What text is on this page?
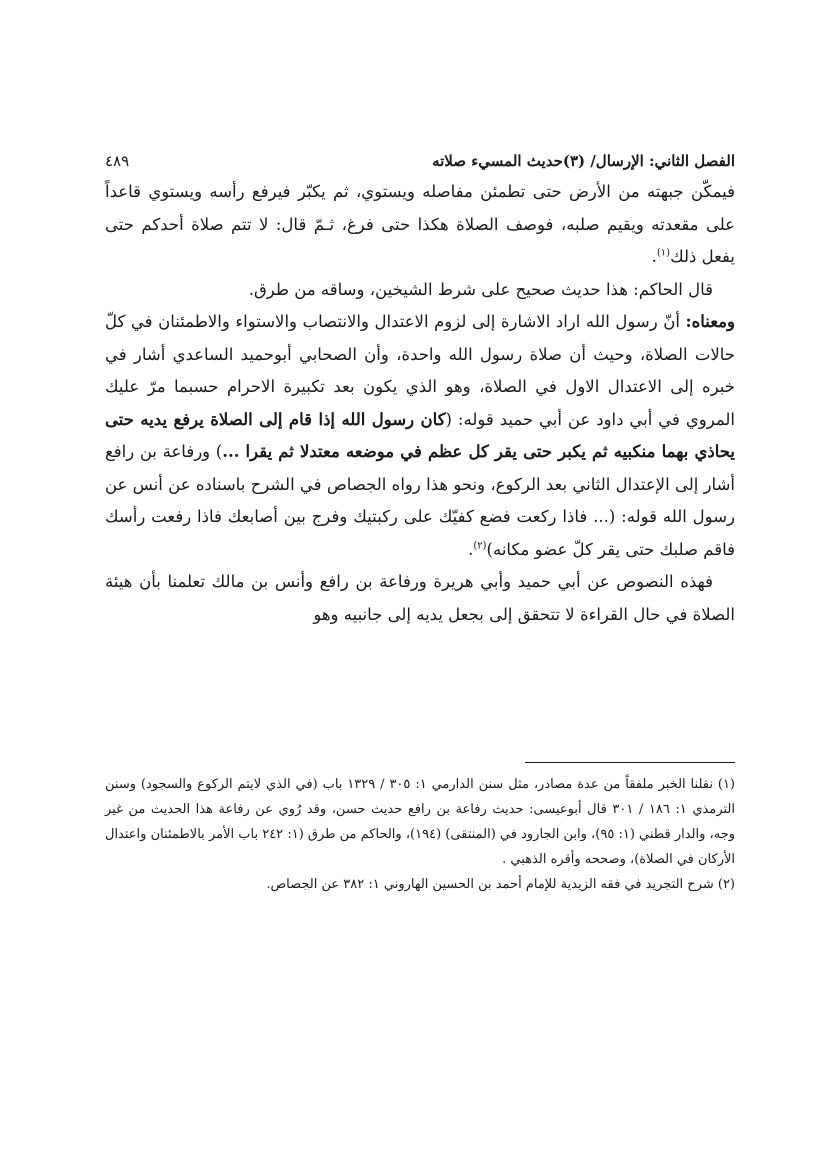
الفصل الثاني: الإرسال/ (٣)حديث المسيء صلاته
٤٨٩

فيمكّن جبهته من الأرض حتى تطمئن مفاصله ويستوي، ثم يكبّر فيرفع رأسه ويستوي قاعداً على مقعدته ويقيم صلبه، فوصف الصلاة هكذا حتى فرغ، ثـمّ قال: لا تتم صلاة أحدكم حتى يفعل ذلك$^{(١)}$.

قال الحاكم: هذا حديث صحيح على شرط الشيخين، وساقه من طرق.

ومعناه: أنّ رسول الله اراد الاشارة إلى لزوم الاعتدال والانتصاب والاستواء والاطمئنان في كلّ حالات الصلاة، وحيث أن صلاة رسول الله واحدة، وأن الصحابي أبوحميد الساعدي أشار في خبره إلى الاعتدال الاول في الصلاة، وهو الذي يكون بعد تكبيرة الاحرام حسبما مرّ عليك المروي في أبي داود عن أبي حميد قوله: (كان رسول الله إذا قام إلى الصلاة يرفع يديه حتى يحاذي بهما منكبيه ثم يكبر حتى يقر كل عظم في موضعه معتدلا ثم يقرا ...) ورفاعة بن رافع أشار إلى الإعتدال الثاني بعد الركوع، ونحو هذا رواه الجصاص في الشرح باسناده عن أنس عن رسول الله قوله: (... فاذا ركعت فضع كفيّك على ركبتيك وفرج بين أصابعك فاذا رفعت رأسك فاقم صلبك حتى يقر كلّ عضو مكانه)$^{(٢)}$.

فهذه النصوص عن أبي حميد وأبي هريرة ورفاعة بن رافع وأنس بن مالك تعلمنا بأن هيئة الصلاة في حال القراءة لا تتحقق إلى بجعل يديه إلى جانبيه وهو

(١) نقلنا الخبر ملفقاً من عدة مصادر، مثل سنن الدارمي ١: ٣٠٥ / ١٣٢٩ باب (في الذي لايتم الركوع والسجود) وسنن الترمذي ١: ١٨٦ / ٣٠١ قال أبوعيسى: حديث رفاعة بن رافع حديث حسن، وقد رُوي عن رفاعة هذا الحديث من غير وجه، والدار قطني (١: ٩٥)، وابن الجارود في (المنتقى) (١٩٤)، والحاكم من طرق (١: ٢٤٢ باب الأمر بالاطمئنان واعتدال الأركان في الصلاة)، وصححه وأقره الذهبي .

(٢) شرح التجريد في فقه الزيدية للإمام أحمد بن الحسين الهاروني ١: ٣٨٢ عن الجصاص.
